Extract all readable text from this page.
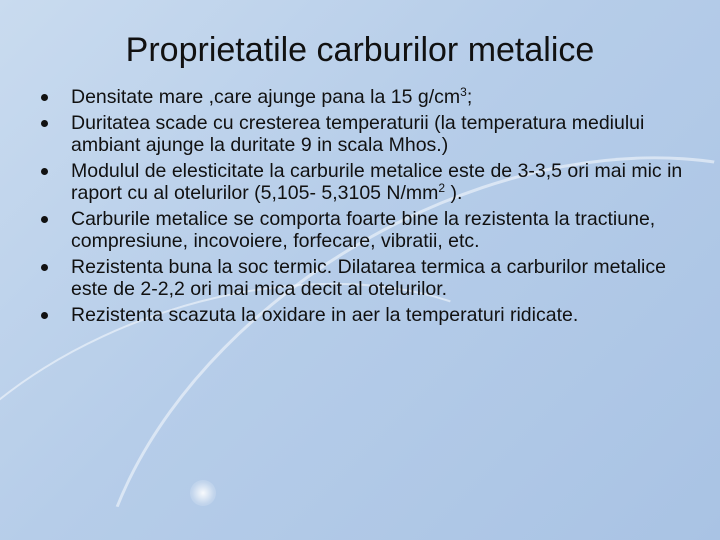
Proprietatile carburilor metalice
Densitate mare ,care ajunge pana la 15 $g/cm^3$;
Duritatea scade cu cresterea temperaturii (la temperatura mediului ambiant ajunge la duritate 9 in scala Mhos.)
Modulul de elesticitate la carburile metalice este de 3-3,5 ori mai mic in raport cu al otelurilor (5,105- 5,3105 $N/mm^2$ ).
Carburile metalice se comporta foarte bine la rezistenta la tractiune, compresiune, incovoiere, forfecare, vibratii, etc.
Rezistenta buna la soc termic. Dilatarea termica a carburilor metalice este de 2-2,2 ori mai mica decit al otelurilor.
Rezistenta scazuta la oxidare in aer la temperaturi ridicate.
